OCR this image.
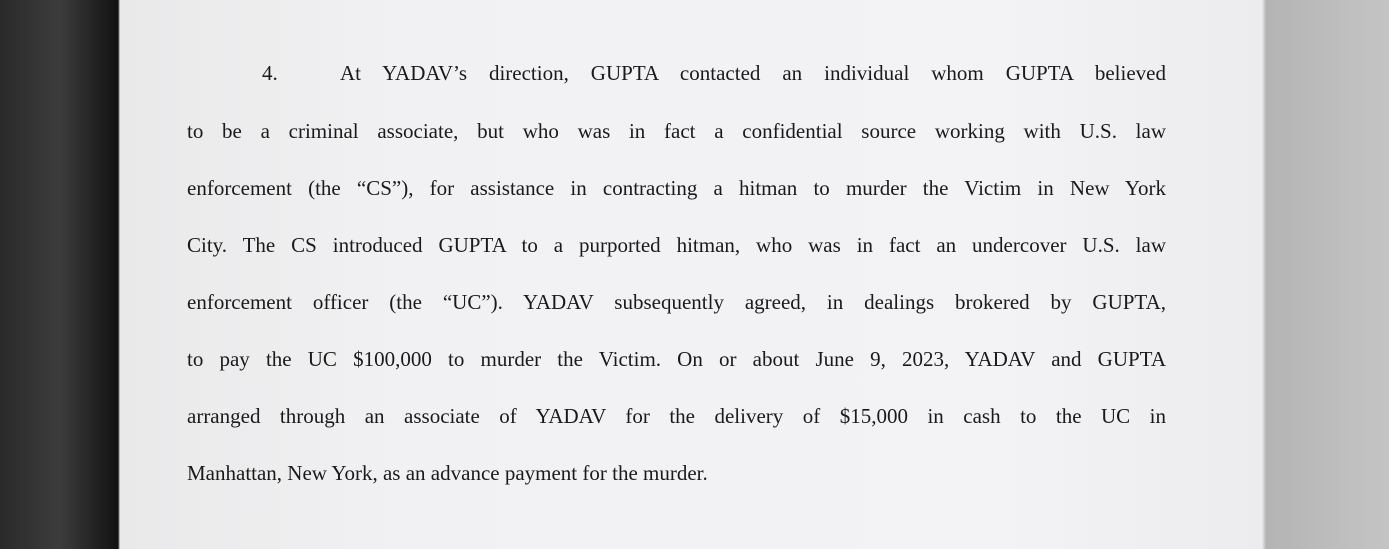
4.	At YADAV’s direction, GUPTA contacted an individual whom GUPTA believed
to be a criminal associate, but who was in fact a confidential source working with U.S. law
enforcement (the “CS”), for assistance in contracting a hitman to murder the Victim in New York
City. The CS introduced GUPTA to a purported hitman, who was in fact an undercover U.S. law
enforcement officer (the “UC”). YADAV subsequently agreed, in dealings brokered by GUPTA,
to pay the UC $100,000 to murder the Victim. On or about June 9, 2023, YADAV and GUPTA
arranged through an associate of YADAV for the delivery of $15,000 in cash to the UC in
Manhattan, New York, as an advance payment for the murder.
